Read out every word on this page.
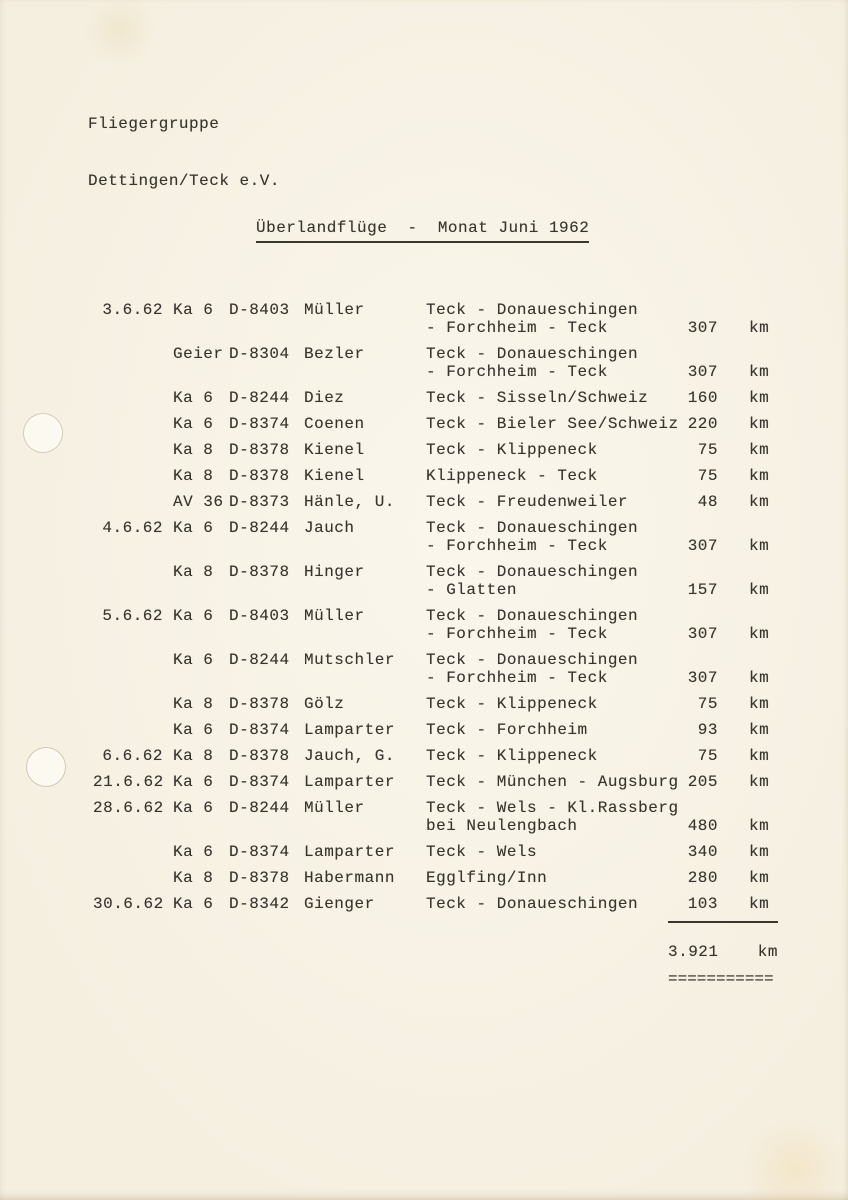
Fliegergruppe

Dettingen/Teck e.V.

Überlandflüge  -  Monat Juni 1962
3.6.62 Ka 6 D-8403 Müller	Teck - Donaueschingen
- Forchheim - Teck	307 km
Geier D-8304 Bezler	Teck - Donaueschingen
- Forchheim - Teck	307 km
Ka 6 D-8244 Diez	Teck - Sisseln/Schweiz	160 km
Ka 6 D-8374 Coenen	Teck - Bieler See/Schweiz 220 km
Ka 8 D-8378 Kienel	Teck - Klippeneck	75 km
Ka 8 D-8378 Kienel	Klippeneck - Teck	75 km
AV 36 D-8373 Hänle, U.	Teck - Freudenweiler	48 km
4.6.62 Ka 6 D-8244 Jauch	Teck - Donaueschingen
- Forchheim - Teck	307 km
Ka 8 D-8378 Hinger	Teck - Donaueschingen
- Glatten	157 km
5.6.62 Ka 6 D-8403 Müller	Teck - Donaueschingen
- Forchheim - Teck	307 km
Ka 6 D-8244 Mutschler	Teck - Donaueschingen
- Forchheim - Teck	307 km
Ka 8 D-8378 Gölz	Teck - Klippeneck	75 km
Ka 6 D-8374 Lamparter	Teck - Forchheim	93 km
6.6.62 Ka 8 D-8378 Jauch, G.	Teck - Klippeneck	75 km
21.6.62 Ka 6 D-8374 Lamparter	Teck - München - Augsburg 205 km
28.6.62 Ka 6 D-8244 Müller	Teck - Wels - Kl.Rassberg
bei Neulengbach	480 km
Ka 6 D-8374 Lamparter	Teck - Wels	340 km
Ka 8 D-8378 Habermann	Egglfing/Inn	280 km
30.6.62 Ka 6 D-8342 Gienger	Teck - Donaueschingen	103 km
3.921 km
===========
